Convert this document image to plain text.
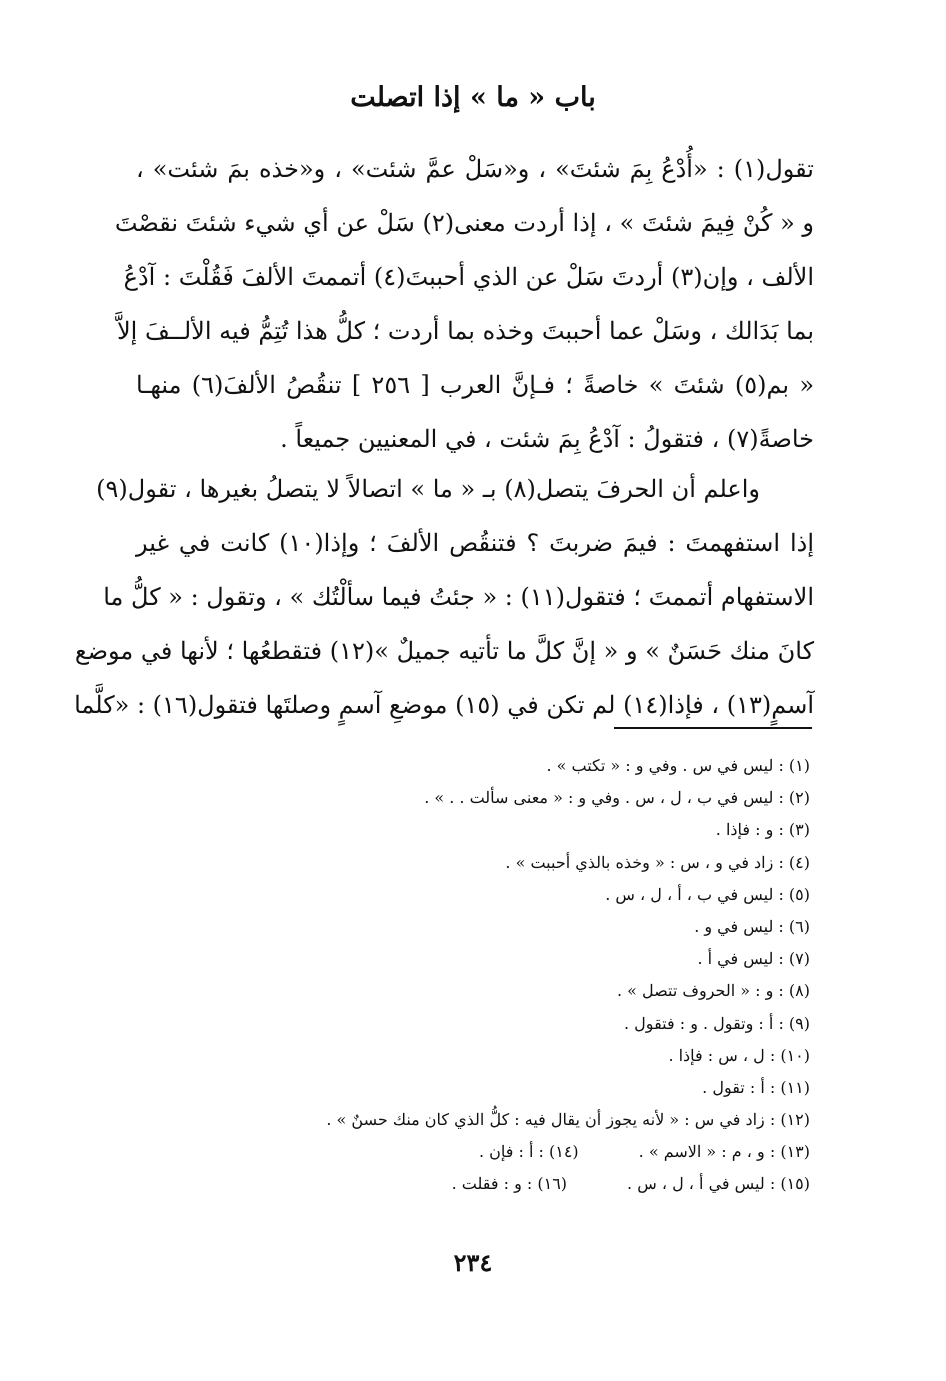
باب « ما » إذا اتصلت
تقول(١) : «أُدْعُ بِمَ شئتَ» ، و«سَلْ عمَّ شئت» ، و«خذه بمَ شئت» ،
و « كُنْ فِيمَ شئتَ » ، إذا أردت معنى(٢) سَلْ عن أي شيء شئتَ نقصْتَ
الألف ، وإن(٣) أردتَ سَلْ عن الذي أحببتَ(٤) أتممتَ الألفَ فَقُلْتَ : آدْعُ
بما بَدَالك ، وسَلْ عما أحببتَ وخذه بما أردت ؛ كلُّ هذا تُتِمُّ فيه الألــفَ إلاَّ
« بم(٥) شئتَ » خاصةً ؛ فـإنَّ العرب [ ٢٥٦ ] تنقُصُ الألفَ(٦) منهـا
خاصةً(٧) ، فتقولُ : آدْعُ بِمَ شئت ، في المعنيين جميعاً .
واعلم أن الحرفَ يتصل(٨) بـ « ما » اتصالاً لا يتصلُ بغيرها ، تقول(٩)
إذا استفهمتَ : فيمَ ضربتَ ؟ فتنقُص الألفَ ؛ وإذا(١٠) كانت في غير
الاستفهام أتممتَ ؛ فتقول(١١) : « جئتُ فيما سألْتُك » ، وتقول : « كلُّ ما
كانَ منك حَسَنٌ » و « إنَّ كلَّ ما تأتيه جميلٌ »(١٢) فتقطعُها ؛ لأنها في موضع
آسمٍ(١٣) ، فإذا(١٤) لم تكن في (١٥) موضعِ آسمٍ وصلتَها فتقول(١٦) : «كلَّما
(١) : ليس في س . وفي و : « تكتب » .
(٢) : ليس في ب ، ل ، س . وفي و : « معنى سألت . . » .
(٣) : و : فإذا .
(٤) : زاد في و ، س : « وخذه بالذي أحببت » .
(٥) : ليس في ب ، أ ، ل ، س .
(٦) : ليس في و .
(٧) : ليس في أ .
(٨) : و : « الحروف تتصل » .
(٩) : أ : وتقول . و : فتقول .
(١٠) : ل ، س : فإذا .
(١١) : أ : تقول .
(١٢) : زاد في س : « لأنه يجوز أن يقال فيه : كلُّ الذي كان منك حسنٌ » .
(١٣) : و ، م : « الاسم » .(١٤) : أ : فإن .
(١٥) : ليس في أ ، ل ، س .(١٦) : و : فقلت .
٢٣٤
